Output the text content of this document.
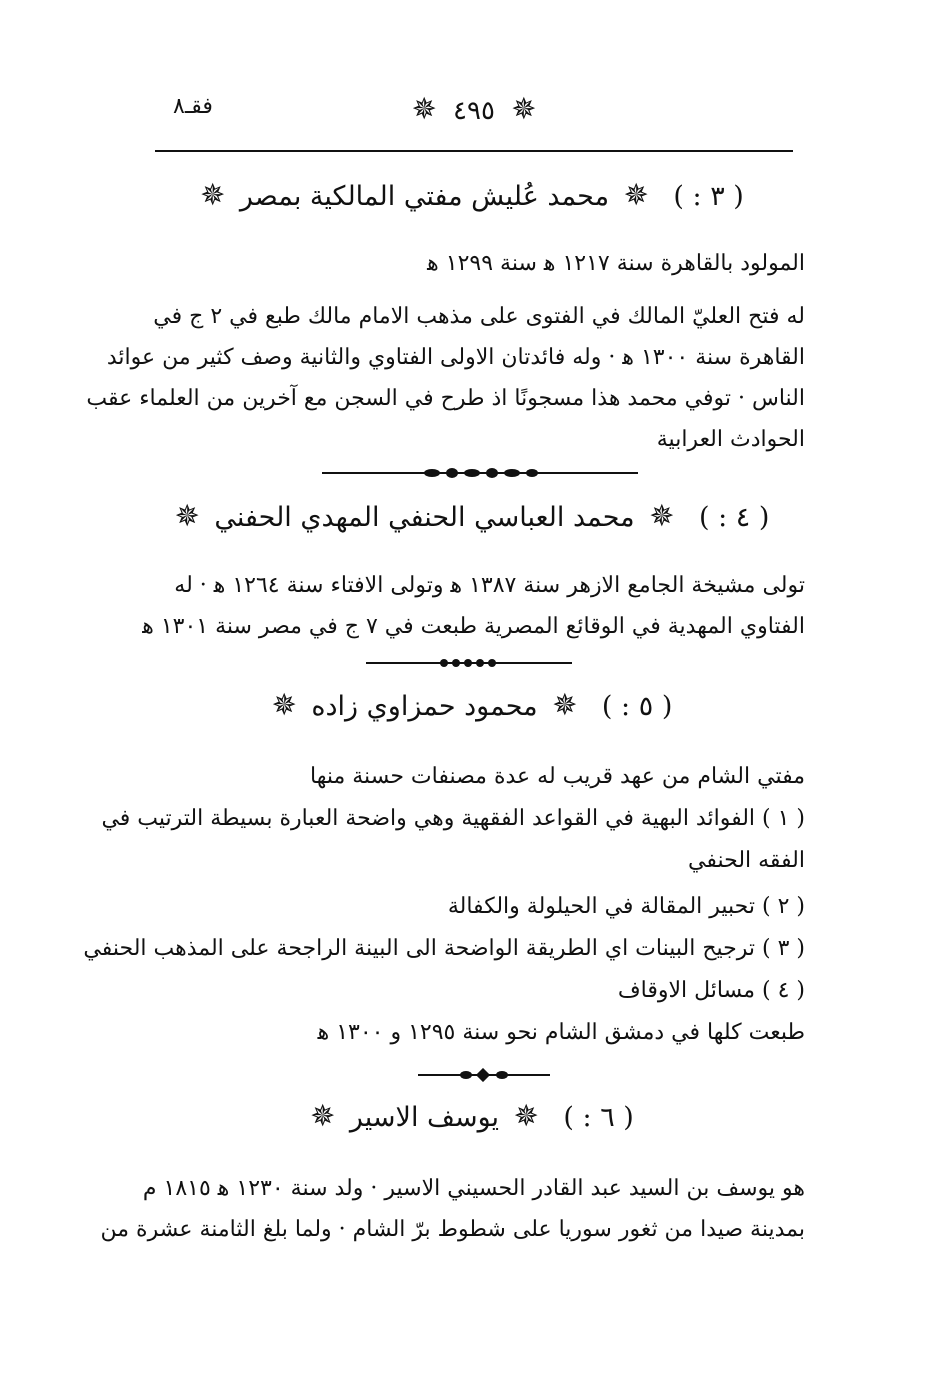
✵ ٤٩٥ ✵
فقـ٨
( ٣ : ) ✵ محمد عُليش مفتي المالكية بمصر ✵
المولود بالقاهرة سنة ١٢١٧ ﻫ سنة ١٢٩٩ ﻫ
له فتح العليّ المالك في الفتوى على مذهب الامام مالك طبع في ٢ ج في
القاهرة سنة ١٣٠٠ ﻫ · وله فائدتان الاولى الفتاوي والثانية وصف كثير من عوائد
الناس · توفي محمد هذا مسجونًا اذ طرح في السجن مع آخرين من العلماء عقب
الحوادث العرابية
( ٤ : ) ✵ محمد العباسي الحنفي المهدي الحفني ✵
تولى مشيخة الجامع الازهر سنة ١٣٨٧ ﻫ وتولى الافتاء سنة ١٢٦٤ ﻫ · له
الفتاوي المهدية في الوقائع المصرية طبعت في ٧ ج في مصر سنة ١٣٠١ ﻫ
( ٥ : ) ✵ محمود حمزاوي زاده ✵
مفتي الشام من عهد قريب له عدة مصنفات حسنة منها
( ١ ) الفوائد البهية في القواعد الفقهية وهي واضحة العبارة بسيطة الترتيب في
الفقه الحنفي
( ٢ ) تحبير المقالة في الحيلولة والكفالة
( ٣ ) ترجيح البينات اي الطريقة الواضحة الى البينة الراجحة على المذهب الحنفي
( ٤ ) مسائل الاوقاف
طبعت كلها في دمشق الشام نحو سنة ١٢٩٥ و ١٣٠٠ ﻫ
( ٦ : ) ✵ يوسف الاسير ✵
هو يوسف بن السيد عبد القادر الحسيني الاسير · ولد سنة ١٢٣٠ ﻫ ١٨١٥ م
بمدينة صيدا من ثغور سوريا على شطوط برّ الشام · ولما بلغ الثامنة عشرة من
